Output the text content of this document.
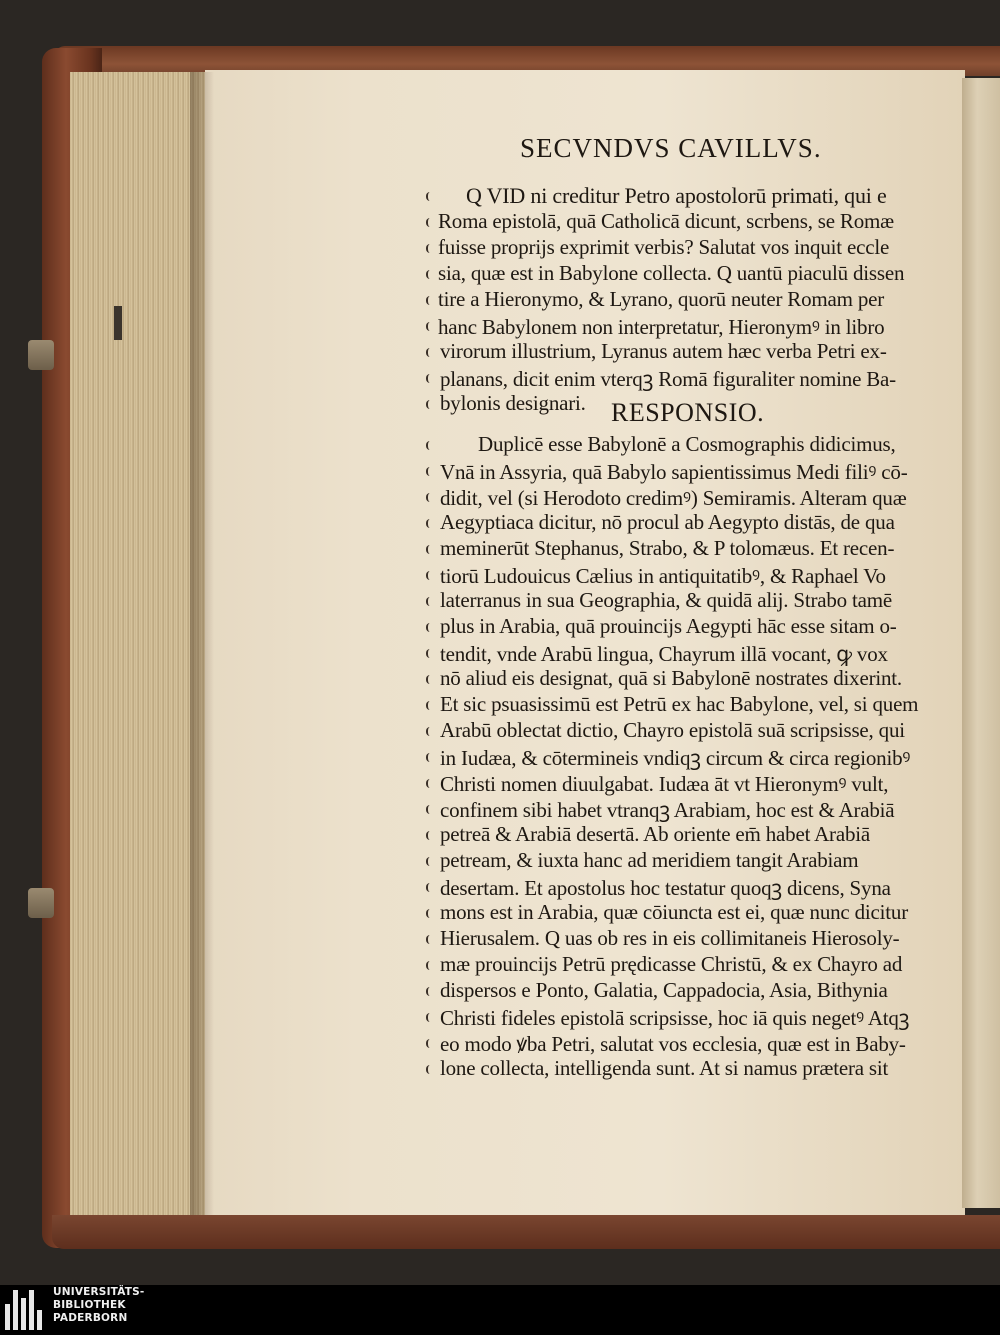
SECVNDVS CAVILLVS.

RESPONSIO.

Q VID ni creditur Petro apostolorū primati, qui e

Roma epistolā, quā Catholicā dicunt, scrbens, se Romæ

fuisse proprijs exprimit verbis? Salutat vos inquit eccle

sia, quæ est in Babylone collecta. Q uantū piaculū dissen

tire a Hieronymo, & Lyrano, quorū neuter Romam per

hanc Babylonem non interpretatur, Hieronymꝰ in libro

virorum illustrium, Lyranus autem hæc verba Petri ex-

planans, dicit enim vterqꝫ Romā figuraliter nomine Ba-

bylonis designari.

Duplicē esse Babylonē a Cosmographis didicimus,

Vnā in Assyria, quā Babylo sapientissimus Medi filiꝰ cō-

didit, vel (si Herodoto credimꝰ) Semiramis. Alteram quæ

Aegyptiaca dicitur, nō procul ab Aegypto distās, de qua

meminerūt Stephanus, Strabo, & P tolomæus. Et recen-

tiorū Ludouicus Cælius in antiquitatibꝰ, & Raphael Vo

laterranus in sua Geographia, & quidā alij. Strabo tamē

plus in Arabia, quā prouincijs Aegypti hāc esse sitam o-

tendit, vnde Arabū lingua, Chayrum illā vocant, ꝙ vox

nō aliud eis designat, quā si Babylonē nostrates dixerint.

Et sic psuasissimū est Petrū ex hac Babylone, vel, si quem

Arabū oblectat dictio, Chayro epistolā suā scripsisse, qui

in Iudæa, & cōtermineis vndiqꝫ circum & circa regionibꝰ

Christi nomen diuulgabat. Iudæa āt vt Hieronymꝰ vult,

confinem sibi habet vtranqꝫ Arabiam, hoc est & Arabiā

petreā & Arabiā desertā. Ab oriente em̄ habet Arabiā

petream, & iuxta hanc ad meridiem tangit Arabiam

desertam. Et apostolus hoc testatur quoqꝫ dicens, Syna

mons est in Arabia, quæ cōiuncta est ei, quæ nunc dicitur

Hierusalem. Q uas ob res in eis collimitaneis Hierosoly-

mæ prouincijs Petrū prędicasse Christū, & ex Chayro ad

dispersos e Ponto, Galatia, Cappadocia, Asia, Bithynia

Christi fideles epistolā scripsisse, hoc iā quis negetꝰ Atqꝫ

eo modo ꝟba Petri, salutat vos ecclesia, quæ est in Baby-

lone collecta, intelligenda sunt. At si namus prætera sit

UNIVERSITÄTS-
BIBLIOTHEK
PADERBORN
